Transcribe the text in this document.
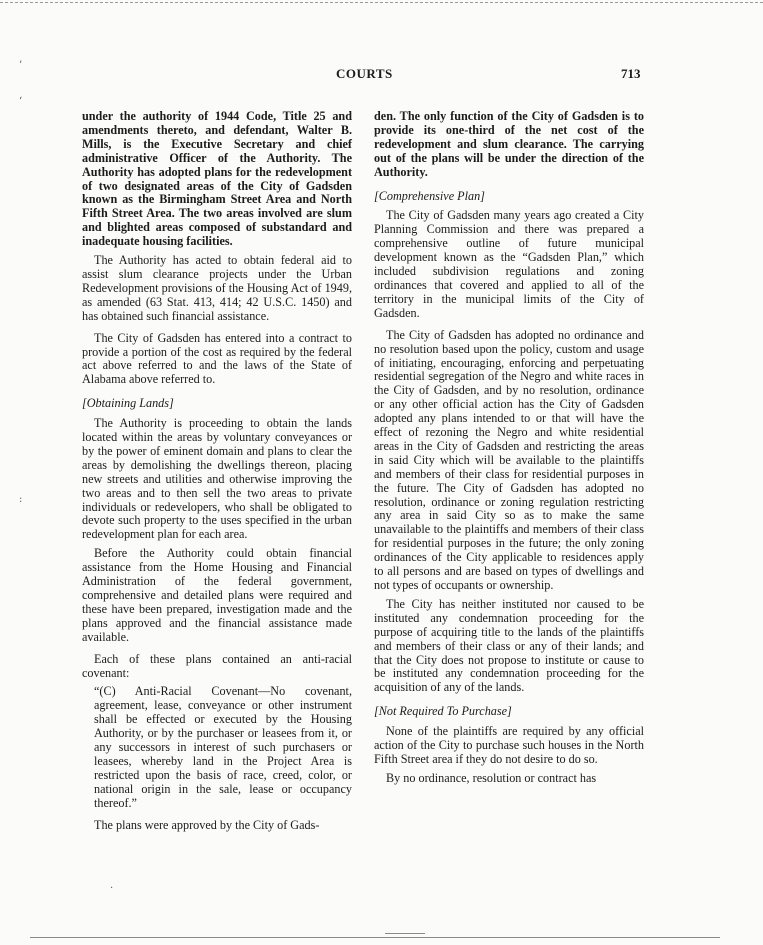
’
‘
:
.
COURTS	713

under the authority of 1944 Code, Title 25 and amendments thereto, and defendant, Walter B. Mills, is the Executive Secretary and chief administrative Officer of the Authority. The Authority has adopted plans for the redevelopment of two designated areas of the City of Gadsden known as the Birmingham Street Area and North Fifth Street Area. The two areas involved are slum and blighted areas composed of substandard and inadequate housing facilities.

The Authority has acted to obtain federal aid to assist slum clearance projects under the Urban Redevelopment provisions of the Housing Act of 1949, as amended (63 Stat. 413, 414; 42 U.S.C. 1450) and has obtained such financial assistance.

The City of Gadsden has entered into a contract to provide a portion of the cost as required by the federal act above referred to and the laws of the State of Alabama above referred to.

[Obtaining Lands]

The Authority is proceeding to obtain the lands located within the areas by voluntary conveyances or by the power of eminent domain and plans to clear the areas by demolishing the dwellings thereon, placing new streets and utilities and otherwise improving the two areas and to then sell the two areas to private individuals or redevelopers, who shall be obligated to devote such property to the uses specified in the urban redevelopment plan for each area.

Before the Authority could obtain financial assistance from the Home Housing and Financial Administration of the federal government, comprehensive and detailed plans were required and these have been prepared, investigation made and the plans approved and the financial assistance made available.

Each of these plans contained an anti-racial covenant:

“(C) Anti-Racial Covenant—No covenant, agreement, lease, conveyance or other instrument shall be effected or executed by the Housing Authority, or by the purchaser or leasees from it, or any successors in interest of such purchasers or leasees, whereby land in the Project Area is restricted upon the basis of race, creed, color, or national origin in the sale, lease or occupancy thereof.”

The plans were approved by the City of Gads-

den. The only function of the City of Gadsden is to provide its one-third of the net cost of the redevelopment and slum clearance. The carrying out of the plans will be under the direction of the Authority.

[Comprehensive Plan]

The City of Gadsden many years ago created a City Planning Commission and there was prepared a comprehensive outline of future municipal development known as the “Gadsden Plan,” which included subdivision regulations and zoning ordinances that covered and applied to all of the territory in the municipal limits of the City of Gadsden.

The City of Gadsden has adopted no ordinance and no resolution based upon the policy, custom and usage of initiating, encouraging, enforcing and perpetuating residential segregation of the Negro and white races in the City of Gadsden, and by no resolution, ordinance or any other official action has the City of Gadsden adopted any plans intended to or that will have the effect of rezoning the Negro and white residential areas in the City of Gadsden and restricting the areas in said City which will be available to the plaintiffs and members of their class for residential purposes in the future. The City of Gadsden has adopted no resolution, ordinance or zoning regulation restricting any area in said City so as to make the same unavailable to the plaintiffs and members of their class for residential purposes in the future; the only zoning ordinances of the City applicable to residences apply to all persons and are based on types of dwellings and not types of occupants or ownership.

The City has neither instituted nor caused to be instituted any condemnation proceeding for the purpose of acquiring title to the lands of the plaintiffs and members of their class or any of their lands; and that the City does not propose to institute or cause to be instituted any condemnation proceeding for the acquisition of any of the lands.

[Not Required To Purchase]

None of the plaintiffs are required by any official action of the City to purchase such houses in the North Fifth Street area if they do not desire to do so.

By no ordinance, resolution or contract has
